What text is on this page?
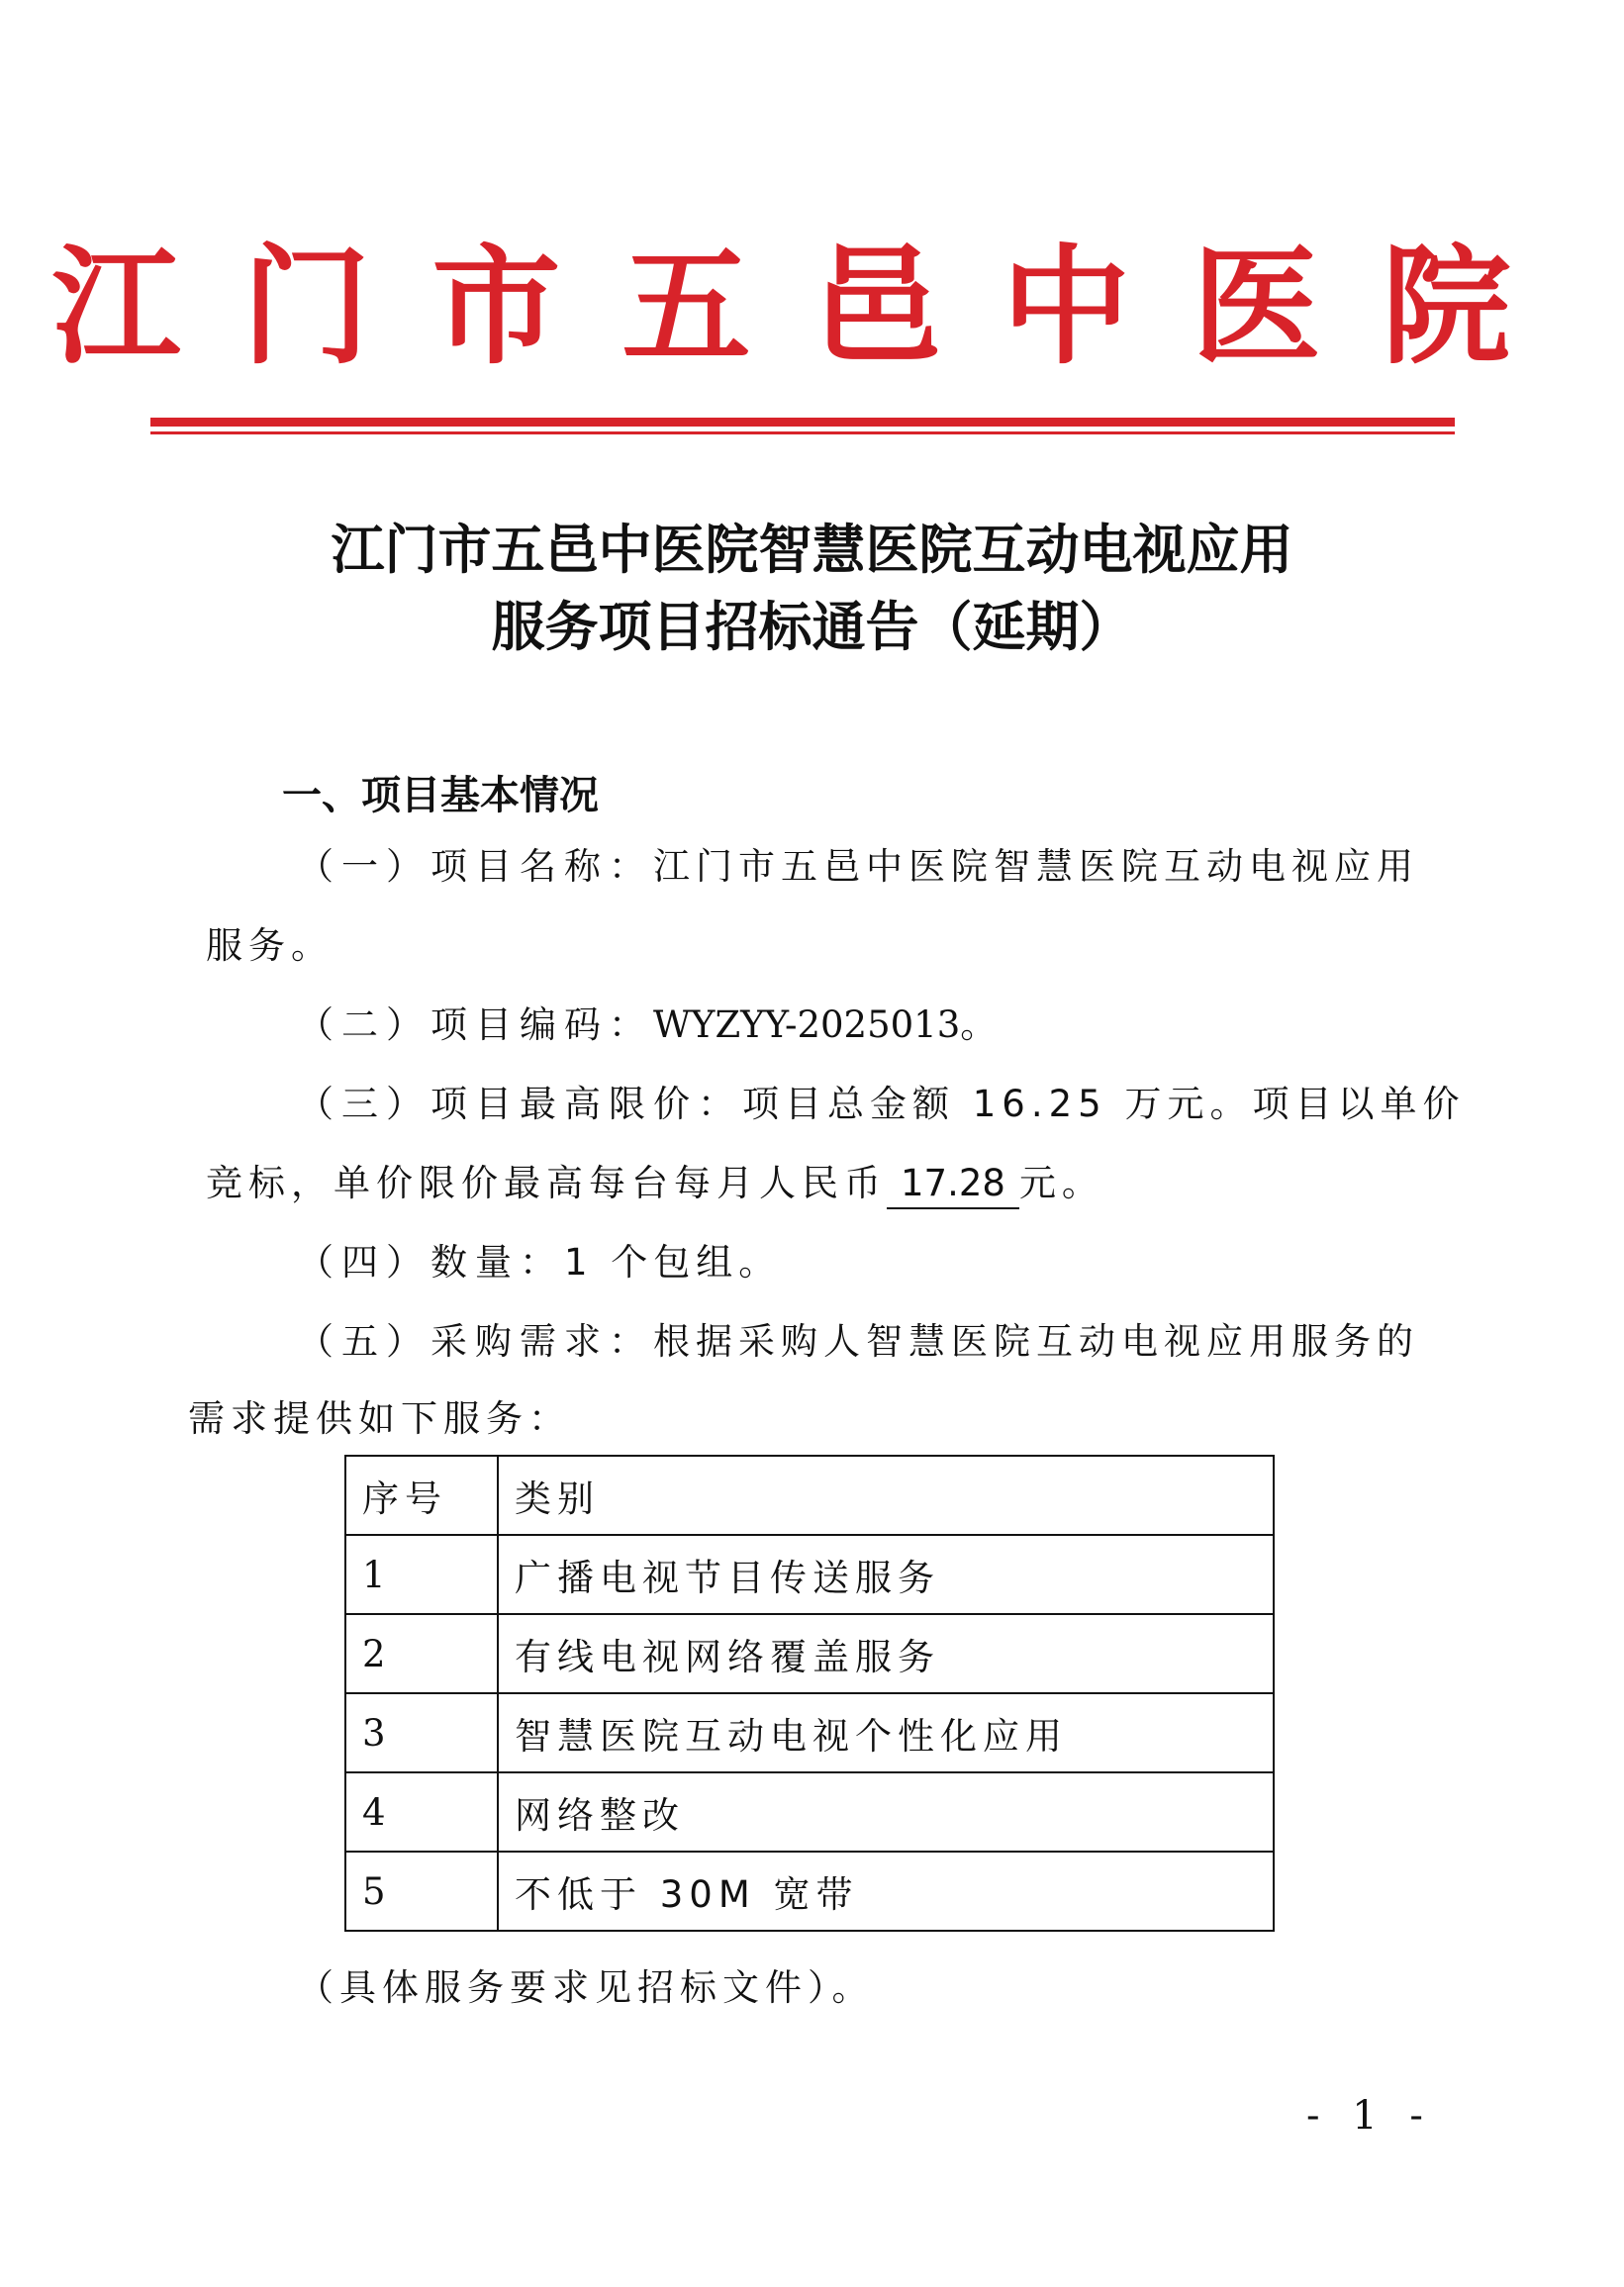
江门市五邑中医院
江门市五邑中医院智慧医院互动电视应用
服务项目招标通告（延期）
一、项目基本情况
（一）项目名称：江门市五邑中医院智慧医院互动电视应用
服务。
（二）项目编码：WYZYY-2025013。
（三）项目最高限价：项目总金额 16.25 万元。项目以单价
竞标，单价限价最高每台每月人民币 17.28 元。
（四）数量：1 个包组。
（五）采购需求：根据采购人智慧医院互动电视应用服务的
需求提供如下服务：
序号	类别
1	广播电视节目传送服务
2	有线电视网络覆盖服务
3	智慧医院互动电视个性化应用
4	网络整改
5	不低于 30M 宽带
（具体服务要求见招标文件）。
- 1 -
